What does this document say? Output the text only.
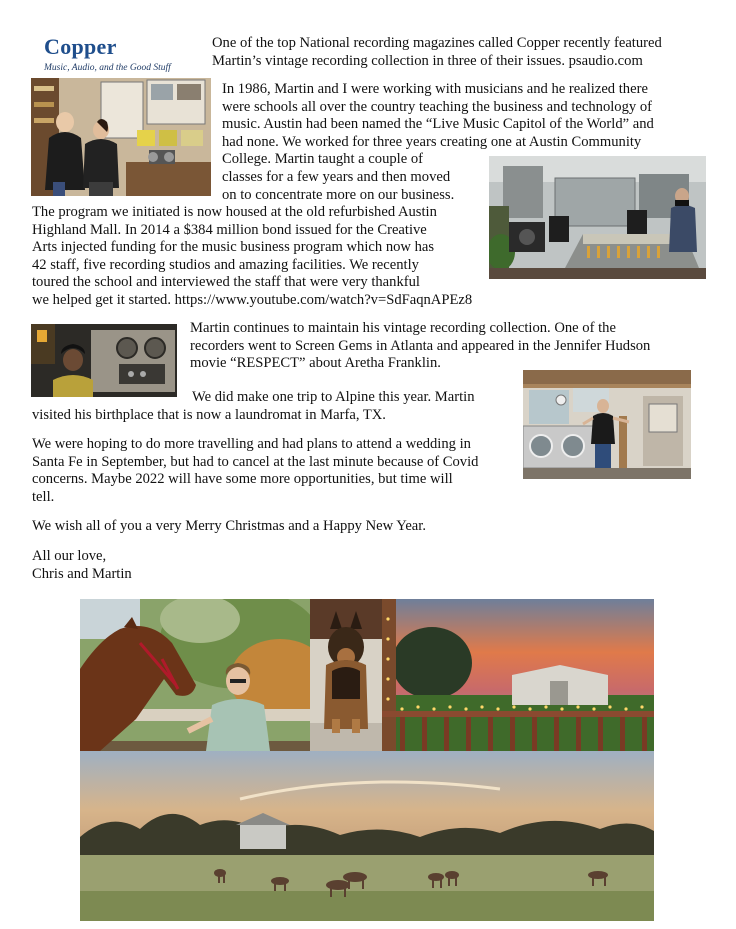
Copper
Music, Audio, and the Good Stuff
One of the top National recording magazines called Copper recently featured
Martin’s vintage recording collection in three of their issues. psaudio.com
In 1986, Martin and I were working with musicians and he realized there
were schools all over the country teaching the business and technology of
music. Austin had been named the “Live Music Capitol of the World” and
had none. We worked for three years creating one at Austin Community
College. Martin taught a couple of
classes for a few years and then moved
on to concentrate more on our business.
The program we initiated is now housed at the old refurbished Austin
Highland Mall. In 2014 a $384 million bond issued for the Creative
Arts injected funding for the music business program which now has
42 staff, five recording studios and amazing facilities. We recently
toured the school and interviewed the staff that were very thankful
we helped get it started. https://www.youtube.com/watch?v=SdFaqnAPEz8
Martin continues to maintain his vintage recording collection. One of the
recorders went to Screen Gems in Atlanta and appeared in the Jennifer Hudson
movie “RESPECT” about Aretha Franklin.
We did make one trip to Alpine this year. Martin
visited his birthplace that is now a laundromat in Marfa, TX.
We were hoping to do more travelling and had plans to attend a wedding in
Santa Fe in September, but had to cancel at the last minute because of Covid
concerns. Maybe 2022 will have some more opportunities, but time will
tell.
We wish all of you a very Merry Christmas and a Happy New Year.
All our love,
Chris and Martin
